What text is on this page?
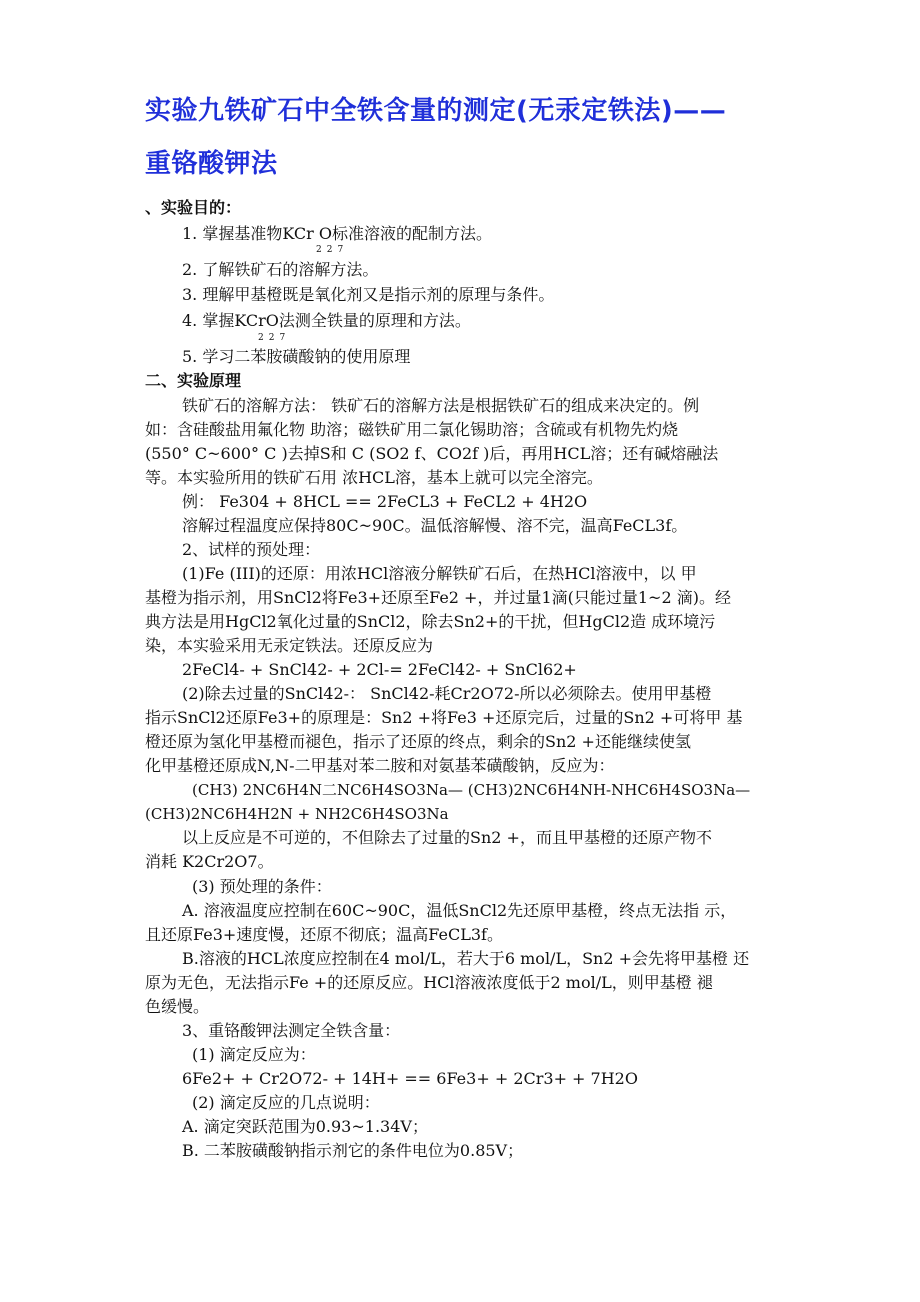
实验九铁矿石中全铁含量的测定(无汞定铁法)——
重铬酸钾法
、实验目的：
1. 掌握基准物KCr O标准溶液的配制方法。
227
2. 了解铁矿石的溶解方法。
3. 理解甲基橙既是氧化剂又是指示剂的原理与条件。
4. 掌握KCrO法测全铁量的原理和方法。
227
5. 学习二苯胺磺酸钠的使用原理
二、实验原理
铁矿石的溶解方法： 铁矿石的溶解方法是根据铁矿石的组成来决定的。例
如：含硅酸盐用氟化物 助溶；磁铁矿用二氯化锡助溶；含硫或有机物先灼烧
(550° C~600° C )去掉S和 C (SO2 f、CO2f )后，再用HCL溶；还有碱熔融法
等。本实验所用的铁矿石用 浓HCL溶，基本上就可以完全溶完。
例： Fe304 + 8HCL == 2FeCL3 + FeCL2 + 4H2O
溶解过程温度应保持80C~90C。温低溶解慢、溶不完，温高FeCL3f。
2、试样的预处理：
(1)Fe (III)的还原：用浓HCl溶液分解铁矿石后，在热HCl溶液中，以 甲
基橙为指示剂，用SnCl2将Fe3+还原至Fe2 +，并过量1滴(只能过量1~2 滴)。经
典方法是用HgCl2氧化过量的SnCl2，除去Sn2+的干扰，但HgCl2造 成环境污
染，本实验采用无汞定铁法。还原反应为
2FeCl4- + SnCl42- + 2Cl-= 2FeCl42- + SnCl62+
(2)除去过量的SnCl42-： SnCl42-耗Cr2O72-所以必须除去。使用甲基橙
指示SnCl2还原Fe3+的原理是：Sn2 +将Fe3 +还原完后，过量的Sn2 +可将甲 基
橙还原为氢化甲基橙而褪色，指示了还原的终点，剩余的Sn2 +还能继续使氢
化甲基橙还原成N,N-二甲基对苯二胺和对氨基苯磺酸钠，反应为：
(CH3) 2NC6H4N二NC6H4SO3Na— (CH3)2NC6H4NH-NHC6H4SO3Na—
(CH3)2NC6H4H2N + NH2C6H4SO3Na
以上反应是不可逆的，不但除去了过量的Sn2 +，而且甲基橙的还原产物不
消耗 K2Cr2O7。
(3) 预处理的条件：
A. 溶液温度应控制在60C~90C，温低SnCl2先还原甲基橙，终点无法指 示，
且还原Fe3+速度慢，还原不彻底；温高FeCL3f。
B.溶液的HCL浓度应控制在4 mol/L，若大于6 mol/L，Sn2 +会先将甲基橙 还
原为无色，无法指示Fe +的还原反应。HCl溶液浓度低于2 mol/L，则甲基橙 褪
色缓慢。
3、重铬酸钾法测定全铁含量：
(1) 滴定反应为：
6Fe2+ + Cr2O72- + 14H+ == 6Fe3+ + 2Cr3+ + 7H2O
(2) 滴定反应的几点说明：
A. 滴定突跃范围为0.93~1.34V；
B. 二苯胺磺酸钠指示剂它的条件电位为0.85V；
